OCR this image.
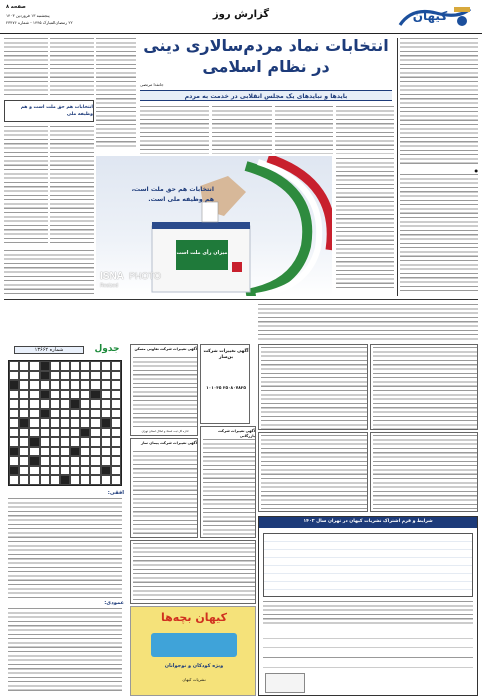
صفحه ۸
پنجشنبه ۱۳ فروردین ۱۴۰۳
۲۲ رمضان‌المبارک ۱۴۴۵ - شماره ۲۳۴۷۶
گزارش روز	کیهان
●
انتخابات نماد مردم‌سالاری دینی
در نظام اسلامی
جانفدا مرتضی
بایدها و نبایدهای یک مجلس انقلابی در خدمت به مردم
انتخابات هم حق ملت است،
هم وظیفه ملی است.
میزان رأی ملت است
ISNA PHOTO
Resized
انتخابات هم حق ملت است و هم وظیفه ملی
جدول
شماره ۱۳۶۶۲
افقی:
عمودی:
آگهی تغییرات شرکت تعاونی مسکن
اداره کل ثبت اسناد و املاک استان تهران
آگهی تغییرات شرکت پیمان ساز
آگهی تغییرات شرکت بن‌ساز
۳۵۰۸۰۷۸۳۵ ۱۰۱۰۳۵
آگهی تغییرات شرکت بازرگانی
شرایط و فرم اشتراک نشریات کیهان در تهران سال ۱۴۰۲
کیهان بچه‌ها
ویژه کودکان و نوجوانان
نشریات کیهان
